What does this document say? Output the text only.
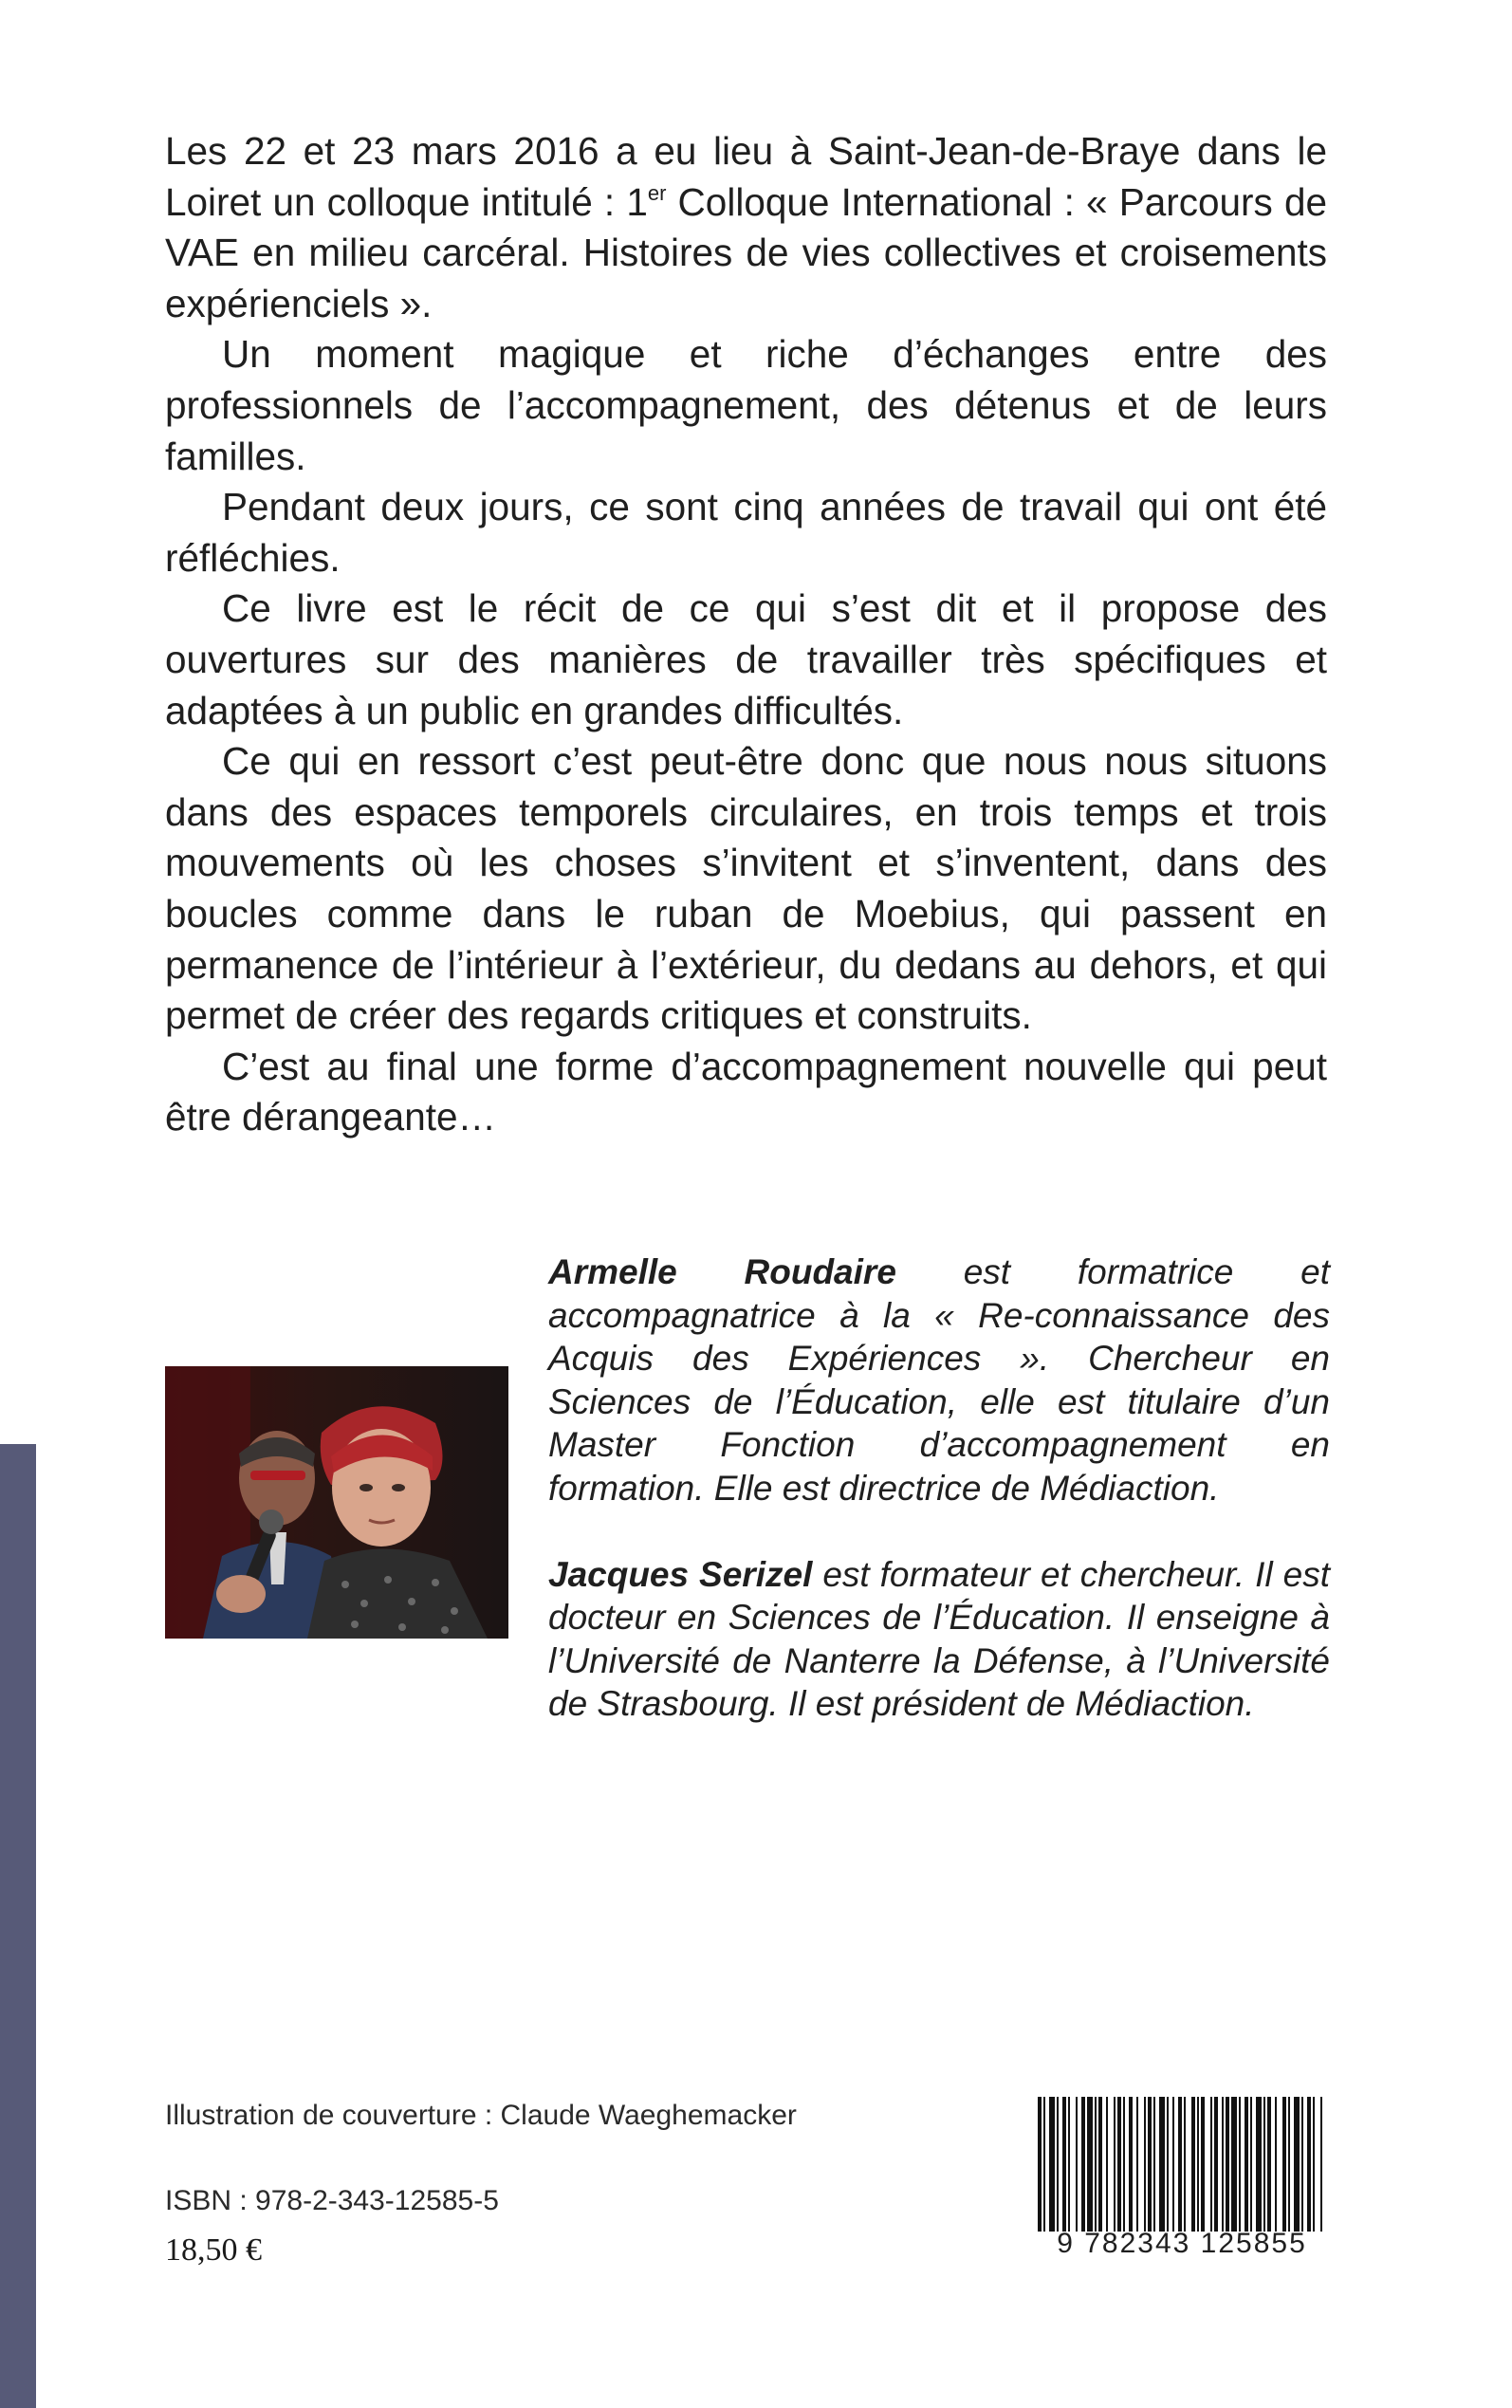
Les 22 et 23 mars 2016 a eu lieu à Saint-Jean-de-Braye dans le Loiret un colloque intitulé : 1er Colloque International : « Parcours de VAE en milieu carcéral. Histoires de vies collectives et croisements expérienciels ».

Un moment magique et riche d’échanges entre des professionnels de l’accompagnement, des détenus et de leurs familles.

Pendant deux jours, ce sont cinq années de travail qui ont été réfléchies.

Ce livre est le récit de ce qui s’est dit et il propose des ouvertures sur des manières de travailler très spécifiques et adaptées à un public en grandes difficultés.

Ce qui en ressort c’est peut-être donc que nous nous situons dans des espaces temporels circulaires, en trois temps et trois mouvements où les choses s’invitent et s’inventent, dans des boucles comme dans le ruban de Moebius, qui passent en permanence de l’intérieur à l’extérieur, du dedans au dehors, et qui permet de créer des regards critiques et construits.

C’est au final une forme d’accompagnement nouvelle qui peut être dérangeante…

Armelle Roudaire est formatrice et accompagnatrice à la « Re-connaissance des Acquis des Expériences ». Chercheur en Sciences de l’Éducation, elle est titulaire d’un Master Fonction d’accompagnement en formation. Elle est directrice de Médiaction.

Jacques Serizel est formateur et chercheur. Il est docteur en Sciences de l’Éducation. Il enseigne à l’Université de Nanterre la Défense, à l’Université de Strasbourg. Il est président de Médiaction.

Illustration de couverture : Claude Waeghemacker
ISBN : 978-2-343-12585-5
18,50 €	9 782343 125855
